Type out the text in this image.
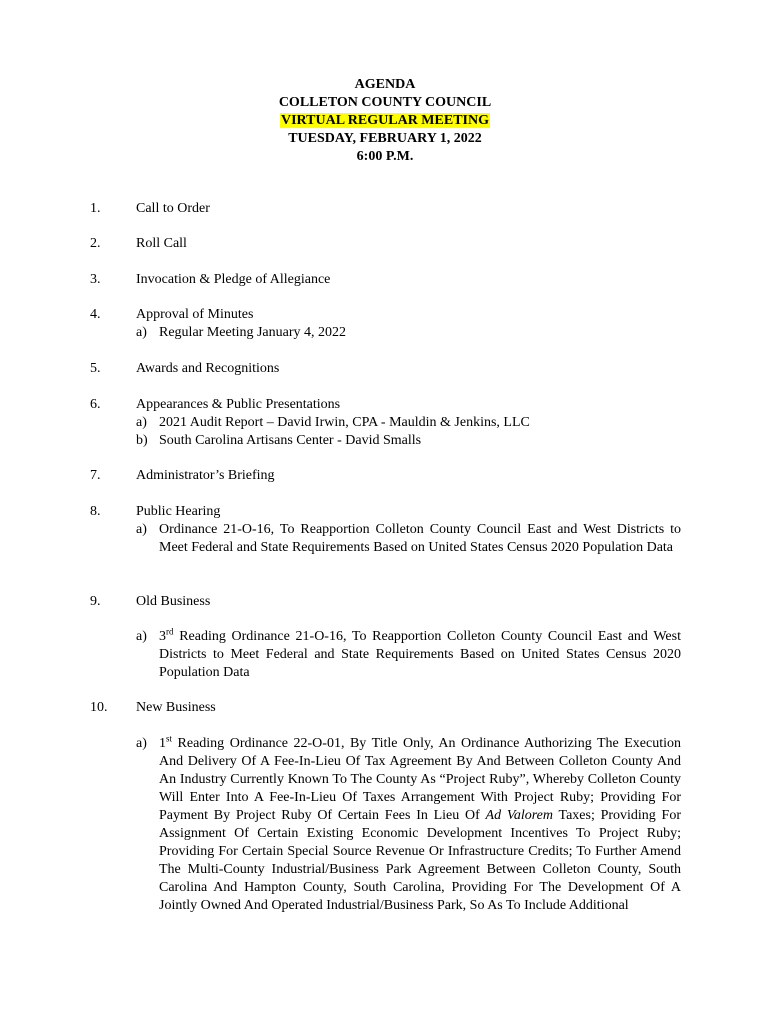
AGENDA
COLLETON COUNTY COUNCIL
VIRTUAL REGULAR MEETING
TUESDAY, FEBRUARY 1, 2022
6:00 P.M.
1.	Call to Order
2.	Roll Call
3.	Invocation & Pledge of Allegiance
4.	Approval of Minutes
a) Regular Meeting January 4, 2022
5.	Awards and Recognitions
6.	Appearances & Public Presentations
a) 2021 Audit Report – David Irwin, CPA - Mauldin & Jenkins, LLC
b) South Carolina Artisans Center - David Smalls
7.	Administrator’s Briefing
8.	Public Hearing
a) Ordinance 21-O-16, To Reapportion Colleton County Council East and West Districts to Meet Federal and State Requirements Based on United States Census 2020 Population Data
9.	Old Business
a) 3rd Reading Ordinance 21-O-16, To Reapportion Colleton County Council East and West Districts to Meet Federal and State Requirements Based on United States Census 2020 Population Data
10. New Business
a) 1st Reading Ordinance 22-O-01, By Title Only, An Ordinance Authorizing The Execution And Delivery Of A Fee-In-Lieu Of Tax Agreement By And Between Colleton County And An Industry Currently Known To The County As “Project Ruby”, Whereby Colleton County Will Enter Into A Fee-In-Lieu Of Taxes Arrangement With Project Ruby; Providing For Payment By Project Ruby Of Certain Fees In Lieu Of Ad Valorem Taxes; Providing For Assignment Of Certain Existing Economic Development Incentives To Project Ruby; Providing For Certain Special Source Revenue Or Infrastructure Credits; To Further Amend The Multi-County Industrial/Business Park Agreement Between Colleton County, South Carolina And Hampton County, South Carolina, Providing For The Development Of A Jointly Owned And Operated Industrial/Business Park, So As To Include Additional
